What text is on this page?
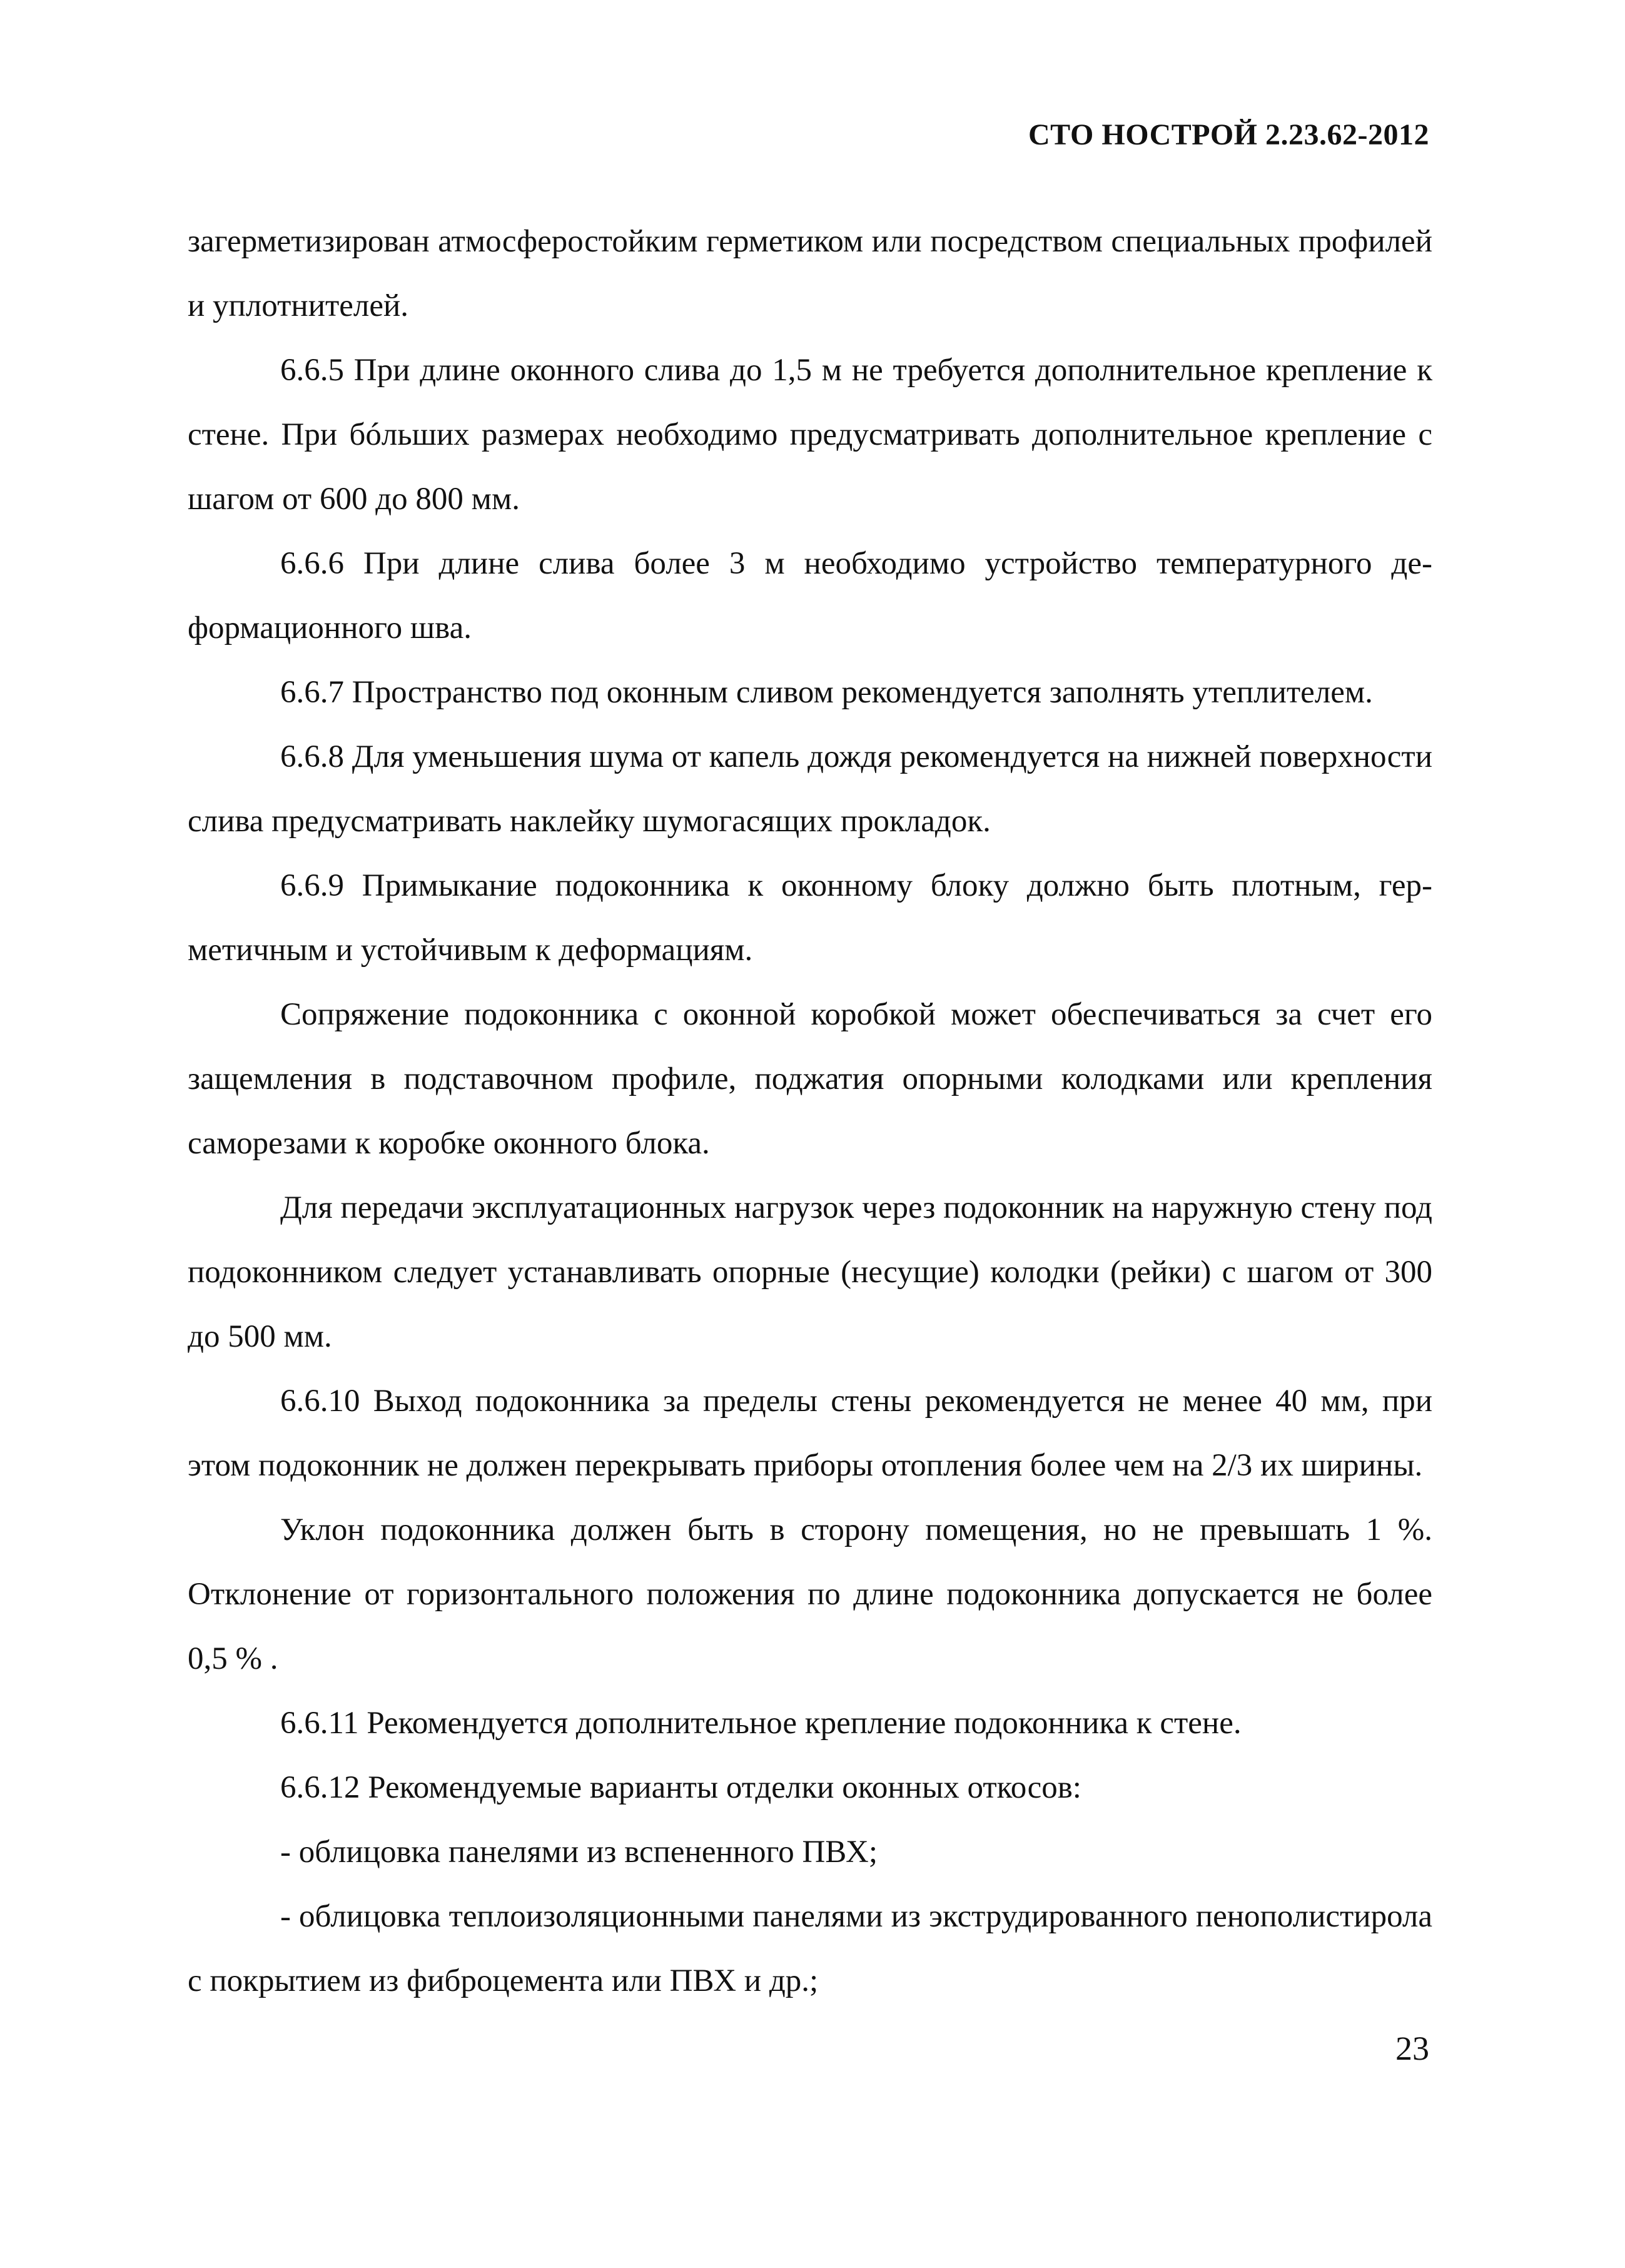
СТО НОСТРОЙ 2.23.62-2012

загерметизирован атмосферостойким герметиком или посредством специальных профилей и уплотнителей.

6.6.5 При длине оконного слива до 1,5 м не требуется дополнительное крепление к стене. При бóльших размерах необходимо предусматривать дополнительное крепление с шагом от 600 до 800 мм.

6.6.6 При длине слива более 3 м необходимо устройство температурного деформационного шва.

6.6.7 Пространство под оконным сливом рекомендуется заполнять утеплителем.

6.6.8 Для уменьшения шума от капель дождя рекомендуется на нижней поверхности слива предусматривать наклейку шумогасящих прокладок.

6.6.9 Примыкание подоконника к оконному блоку должно быть плотным, герметичным и устойчивым к деформациям.

Сопряжение подоконника с оконной коробкой может обеспечиваться за счет его защемления в подставочном профиле, поджатия опорными колодками или крепления саморезами к коробке оконного блока.

Для передачи эксплуатационных нагрузок через подоконник на наружную стену под подоконником следует устанавливать опорные (несущие) колодки (рейки) с шагом от 300 до 500 мм.

6.6.10 Выход подоконника за пределы стены рекомендуется не менее 40 мм, при этом подоконник не должен перекрывать приборы отопления более чем на 2/3 их ширины.

Уклон подоконника должен быть в сторону помещения, но не превышать 1 %. Отклонение от горизонтального положения по длине подоконника допускается не более 0,5 % .

6.6.11 Рекомендуется дополнительное крепление подоконника к стене.

6.6.12 Рекомендуемые варианты отделки оконных откосов:

- облицовка панелями из вспененного ПВХ;

- облицовка теплоизоляционными панелями из экструдированного пенополистирола с покрытием из фиброцемента или ПВХ и др.;

23
